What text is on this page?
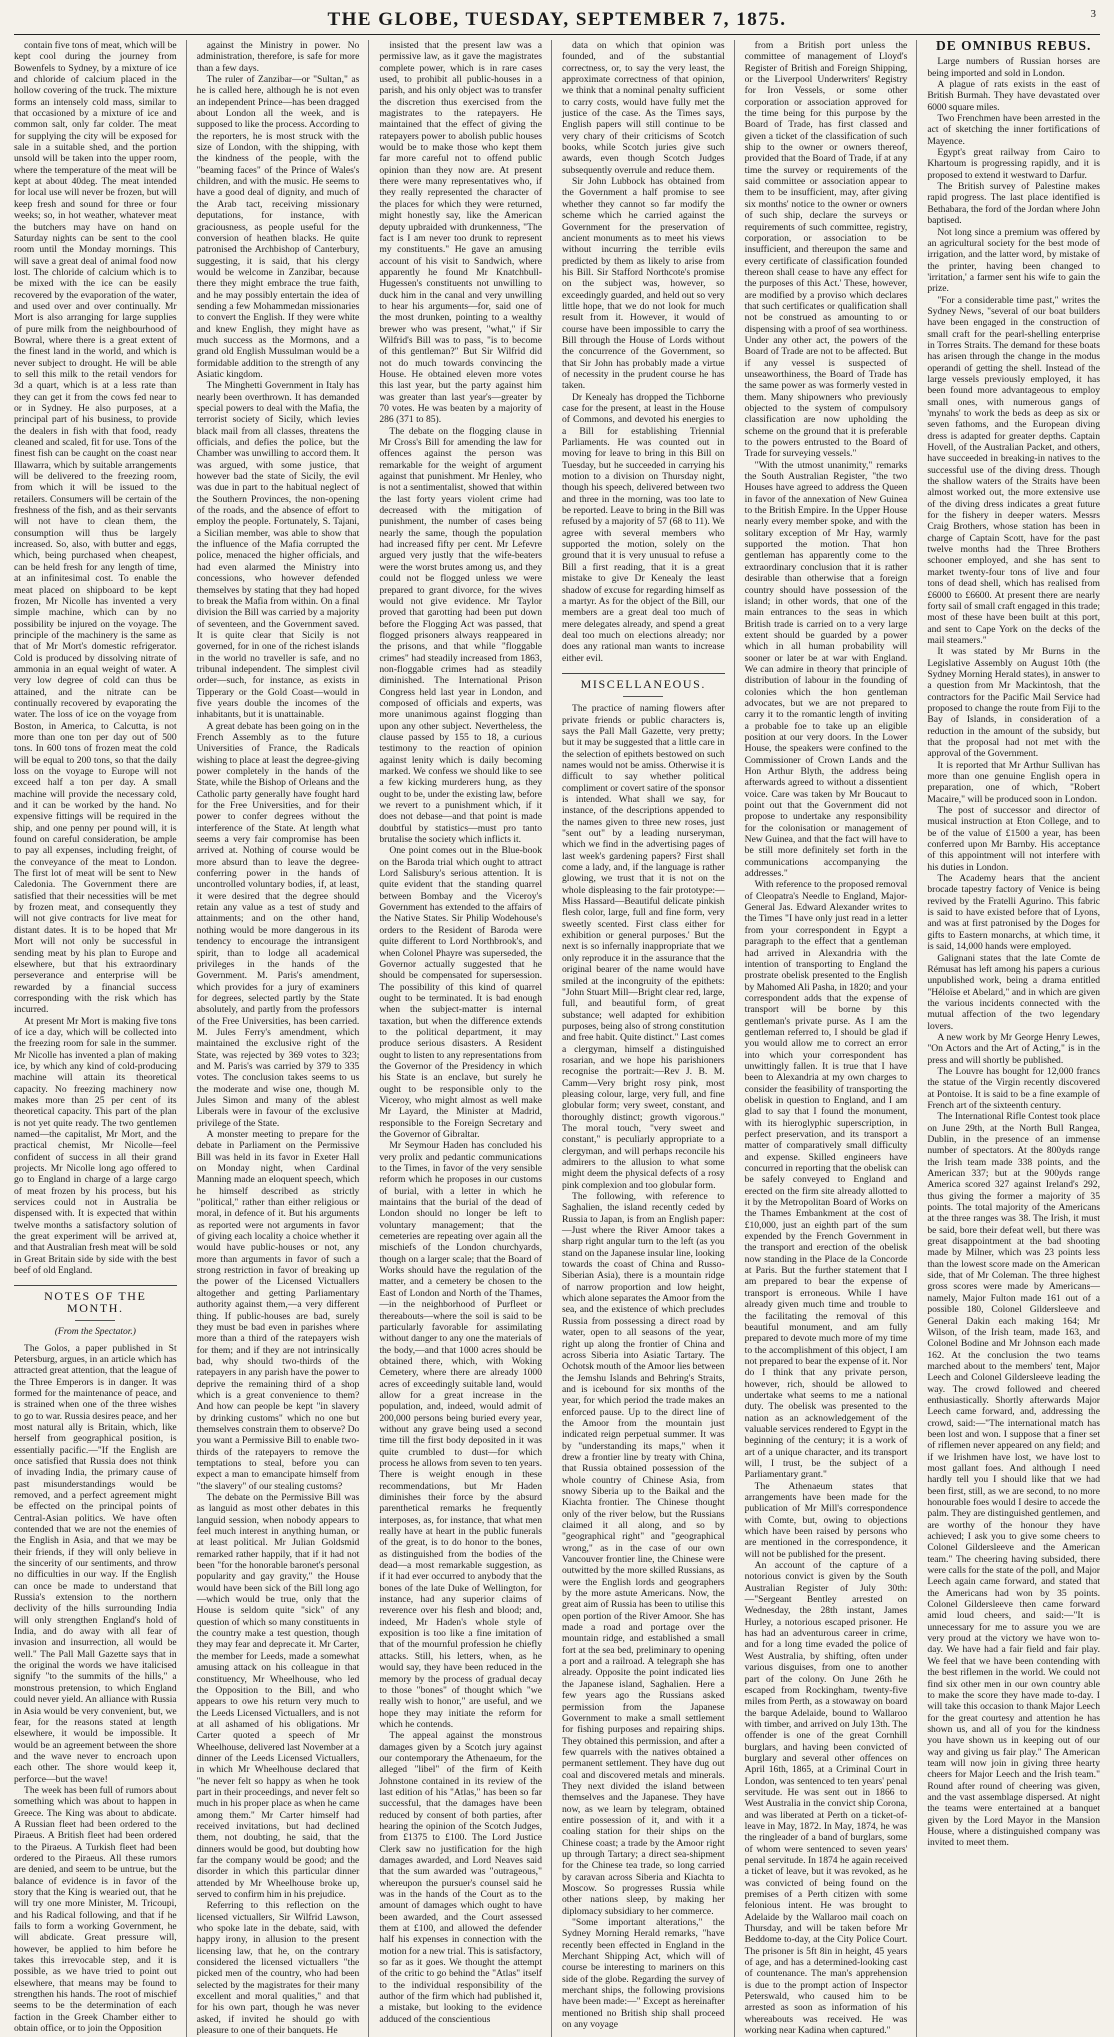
THE GLOBE, TUESDAY, SEPTEMBER 7, 1875.	3

contain five tons of meat, which will be kept cool during the journey from Bowenfels to Sydney, by a mixture of ice and chloride of calcium placed in the hollow covering of the truck. The mixture forms an intensely cold mass, similar to that occasioned by a mixture of ice and common salt, only far colder. The meat for supplying the city will be exposed for sale in a suitable shed, and the portion unsold will be taken into the upper room, where the temperature of the meat will be kept at about 40deg. The meat intended for local use will never be frozen, but will keep fresh and sound for three or four weeks; so, in hot weather, whatever meat the butchers may have on hand on Saturday nights can be sent to the cool room until the Monday mornings. This will save a great deal of animal food now lost. The chloride of calcium which is to be mixed with the ice can be easily recovered by the evaporation of the water, and used over and over continually. Mr Mort is also arranging for large supplies of pure milk from the neighbourhood of Bowral, where there is a great extent of the finest land in the world, and which is never subject to drought. He will be able to sell this milk to the retail vendors for 3d a quart, which is at a less rate than they can get it from the cows fed near to or in Sydney. He also purposes, at a principal part of his business, to provide the dealers in fish with that food, ready cleaned and scaled, fit for use. Tons of the finest fish can be caught on the coast near Illawarra, which by suitable arrangements will be delivered to the freezing room, from which it will be issued to the retailers. Consumers will be certain of the freshness of the fish, and as their servants will not have to clean them, the consumption will thus be largely increased. So, also, with butter and eggs, which, being purchased when cheapest, can be held fresh for any length of time, at an infinitesimal cost. To enable the meat placed on shipboard to be kept frozen, Mr Nicolle has invented a very simple machine, which can by no possibility be injured on the voyage. The principle of the machinery is the same as that of Mr Mort's domestic refrigerator. Cold is produced by dissolving nitrate of ammonia in an equal weight of water. A very low degree of cold can thus be attained, and the nitrate can be continually recovered by evaporating the water. The loss of ice on the voyage from Boston, in America, to Calcutta, is not more than one ton per day out of 500 tons. In 600 tons of frozen meat the cold will be equal to 200 tons, so that the daily loss on the voyage to Europe will not exceed half a ton per day. A small machine will provide the necessary cold, and it can be worked by the hand. No expensive fittings will be required in the ship, and one penny per pound will, it is found on careful consideration, be ample to pay all expenses, including freight, of the conveyance of the meat to London. The first lot of meat will be sent to New Caledonia. The Government there are satisfied that their necessities will be met by frozen meat, and consequently they will not give contracts for live meat for distant dates. It is to be hoped that Mr Mort will not only be successful in sending meat by his plan to Europe and elsewhere, but that his extraordinary perseverance and enterprise will be rewarded by a financial success corresponding with the risk which has incurred.

At present Mr Mort is making five tons of ice a day, which will be collected into the freezing room for sale in the summer. Mr Nicolle has invented a plan of making ice, by which any kind of cold-producing machine will attain its theoretical capacity. No freezing machinery now makes more than 25 per cent of its theoretical capacity. This part of the plan is not yet quite ready. The two gentlemen named—the capitalist, Mr Mort, and the practical chemist, Mr Nicolle—feel confident of success in all their grand projects. Mr Nicolle long ago offered to go to England in charge of a large cargo of meat frozen by his process, but his services could not in Australia be dispensed with. It is expected that within twelve months a satisfactory solution of the great experiment will be arrived at, and that Australian fresh meat will be sold in Great Britain side by side with the best beef of old England.

NOTES OF THE MONTH.
(From the Spectator.)

The Golos, a paper published in St Petersburg, argues, in an article which has attracted great attention, that the league of the Three Emperors is in danger. It was formed for the maintenance of peace, and is strained when one of the three wishes to go to war. Russia desires peace, and her most natural ally is Britain, which, like herself from geographical position, is essentially pacific.—"If the English are once satisfied that Russia does not think of invading India, the primary cause of past misunderstandings would be removed, and a perfect agreement might be effected on the principal points of Central-Asian politics. We have often contended that we are not the enemies of the English in Asia, and that we may be their friends, if they will only believe in the sincerity of our sentiments, and throw no difficulties in our way. If the English can once be made to understand that Russia's extension to the northern declivity of the hills surrounding India will only strengthen England's hold of India, and do away with all fear of invasion and insurrection, all would be well." The Pall Mall Gazette says that in the original the words we have italicised signify "to the summits of the hills," a monstrous pretension, to which England could never yield. An alliance with Russia in Asia would be very convenient, but, we fear, for the reasons stated at length elsewhere, it would be impossible. It would be an agreement between the shore and the wave never to encroach upon each other. The shore would keep it, perforce—but the wave!

The week has been full of rumors about something which was about to happen in Greece. The King was about to abdicate. A Russian fleet had been ordered to the Piraeus. A British fleet had been ordered to the Piraeus. A Turkish fleet had been ordered to the Piraeus. All these rumors are denied, and seem to be untrue, but the balance of evidence is in favor of the story that the King is wearied out, that he will try one more Minister, M. Tricoupi, and his Radical following, and that if he fails to form a working Government, he will abdicate. Great pressure will, however, be applied to him before he takes this irrevocable step, and it is possible, as we have tried to point out elsewhere, that means may be found to strengthen his hands. The root of mischief seems to be the determination of each faction in the Greek Chamber either to obtain office, or to join the Opposition

against the Ministry in power. No administration, therefore, is safe for more than a few days.

The ruler of Zanzibar—or "Sultan," as he is called here, although he is not even an independent Prince—has been dragged about London all the week, and is supposed to like the process. According to the reporters, he is most struck with the size of London, with the shipping, with the kindness of the people, with the "beaming faces" of the Prince of Wales's children, and with the music. He seems to have a good deal of dignity, and much of the Arab tact, receiving missionary deputations, for instance, with graciousness, as people useful for the conversion of heathen blacks. He quite patronised the Archbishop of Canterbury, suggesting, it is said, that his clergy would be welcome in Zanzibar, because there they might embrace the true faith, and he may possibly entertain the idea of sending a few Mohammedan missionaries to convert the English. If they were white and knew English, they might have as much success as the Mormons, and a grand old English Mussulman would be a formidable addition to the strength of any Asiatic kingdom.

The Minghetti Government in Italy has nearly been overthrown. It has demanded special powers to deal with the Mafia, the terrorist society of Sicily, which levies black mail from all classes, threatens the officials, and defies the police, but the Chamber was unwilling to accord them. It was argued, with some justice, that however bad the state of Sicily, the evil was due in part to the habitual neglect of the Southern Provinces, the non-opening of the roads, and the absence of effort to employ the people. Fortunately, S. Tajani, a Sicilian member, was able to show that the influence of the Mafia corrupted the police, menaced the higher officials, and had even alarmed the Ministry into concessions, who however defended themselves by stating that they had hoped to break the Mafia from within. On a final division the Bill was carried by a majority of seventeen, and the Government saved. It is quite clear that Sicily is not governed, for in one of the richest islands in the world no traveller is safe, and no tribunal independent. The simplest civil order—such, for instance, as exists in Tipperary or the Gold Coast—would in five years double the incomes of the inhabitants, but it is unattainable.

A great debate has been going on in the French Assembly as to the future Universities of France, the Radicals wishing to place at least the degree-giving power completely in the hands of the State, while the Bishop of Orleans and the Catholic party generally have fought hard for the Free Universities, and for their power to confer degrees without the interference of the State. At length what seems a very fair compromise has been arrived at. Nothing of course would be more absurd than to leave the degree-conferring power in the hands of uncontrolled voluntary bodies, if, at least, it were desired that the degree should retain any value as a test of study and attainments; and on the other hand, nothing would be more dangerous in its tendency to encourage the intransigent spirit, than to lodge all academical privileges in the hands of the Government. M. Paris's amendment, which provides for a jury of examiners for degrees, selected partly by the State absolutely, and partly from the professors of the Free Universities, has been carried. M. Jules Ferry's amendment, which maintained the exclusive right of the State, was rejected by 369 votes to 323; and M. Paris's was carried by 379 to 335 votes. The conclusion takes seems to us the moderate and wise one, though M. Jules Simon and many of the ablest Liberals were in favour of the exclusive privilege of the State.

A monster meeting to prepare for the debate in Parliament on the Permissive Bill was held in its favor in Exeter Hall on Monday night, when Cardinal Manning made an eloquent speech, which he himself described as strictly "political," rather than either religious or moral, in defence of it. But his arguments as reported were not arguments in favor of giving each locality a choice whether it would have public-houses or not, any more than arguments in favor of such a strong restriction in favor of breaking up the power of the Licensed Victuallers altogether and getting Parliamentary authority against them,—a very different thing. If public-houses are bad, surely they must be bad even in parishes where more than a third of the ratepayers wish for them; and if they are not intrinsically bad, why should two-thirds of the ratepayers in any parish have the power to deprive the remaining third of a shop which is a great convenience to them? And how can people be kept "in slavery by drinking customs" which no one but themselves constrain them to observe? Do you want a Permissive Bill to enable two-thirds of the ratepayers to remove the temptations to steal, before you can expect a man to emancipate himself from "the slavery" of our stealing customs?

The debate on the Permissive Bill was as languid as most other debates in this languid session, when nobody appears to feel much interest in anything human, or at least political. Mr Julian Goldsmid remarked rather happily, that if it had not been "for the honorable baronet's personal popularity and gay gravity," the House would have been sick of the Bill long ago—which would be true, only that the House is seldom quite "sick" of any question of which so many constituents in the country make a test question, though they may fear and deprecate it. Mr Carter, the member for Leeds, made a somewhat amusing attack on his colleague in that constituency, Mr Wheelhouse, who led the Opposition to the Bill, and who appears to owe his return very much to the Leeds Licensed Victuallers, and is not at all ashamed of his obligations. Mr Carter quoted a speech of Mr Wheelhouse, delivered last November at a dinner of the Leeds Licensed Victuallers, in which Mr Wheelhouse declared that "he never felt so happy as when he took part in their proceedings, and never felt so much in his proper place as when he came among them." Mr Carter himself had received invitations, but had declined them, not doubting, he said, that the dinners would be good, but doubting how far the company would be good; and the disorder in which this particular dinner attended by Mr Wheelhouse broke up, served to confirm him in his prejudice.

Referring to this reflection on the licensed victuallers, Sir Wilfrid Lawson, who spoke late in the debate, said, with happy irony, in allusion to the present licensing law, that he, on the contrary considered the licensed victuallers "the picked men of the country, who had been selected by the magistrates for their many excellent and moral qualities," and that for his own part, though he was never asked, if invited he should go with pleasure to one of their banquets. He

insisted that the present law was a permissive law, as it gave the magistrates complete power, which is in rare cases used, to prohibit all public-houses in a parish, and his only object was to transfer the discretion thus exercised from the magistrates to the ratepayers. He maintained that the effect of giving the ratepayers power to abolish public houses would be to make those who kept them far more careful not to offend public opinion than they now are. At present there were many representatives who, if they really represented the character of the places for which they were returned, might honestly say, like the American deputy upbraided with drunkenness, "The fact is I am never too drunk to represent my constituents." He gave an amusing account of his visit to Sandwich, where apparently he found Mr Knatchbull-Hugessen's constituents not unwilling to duck him in the canal and very unwilling to hear his arguments—for, said one of the most drunken, pointing to a wealthy brewer who was present, "what," if Sir Wilfrid's Bill was to pass, "is to become of this gentleman?" But Sir Wilfrid did not do much towards convincing the House. He obtained eleven more votes this last year, but the party against him was greater than last year's—greater by 70 votes. He was beaten by a majority of 286 (371 to 85).

The debate on the flogging clause in Mr Cross's Bill for amending the law for offences against the person was remarkable for the weight of argument against that punishment. Mr Henley, who is not a sentimentalist, showed that within the last forty years violent crime had decreased with the mitigation of punishment, the number of cases being nearly the same, though the population had increased fifty per cent. Mr Lefevre argued very justly that the wife-beaters were the worst brutes among us, and they could not be flogged unless we were prepared to grant divorce, for the wives would not give evidence. Mr Taylor proved that garotting had been put down before the Flogging Act was passed, that flogged prisoners always reappeared in the prisons, and that while "floggable crimes" had steadily increased from 1863, non-floggable crimes had as steadily diminished. The International Prison Congress held last year in London, and composed of officials and experts, was more unanimous against flogging than upon any other subject. Nevertheless, the clause passed by 155 to 18, a curious testimony to the reaction of opinion against lenity which is daily becoming marked. We confess we should like to see a few kicking murderers hung, as they ought to be, under the existing law, before we revert to a punishment which, if it does not debase—and that point is made doubtful by statistics—must pro tanto brutalise the society which inflicts it.

One point comes out in the Blue-book on the Baroda trial which ought to attract Lord Salisbury's serious attention. It is quite evident that the standing quarrel between Bombay and the Viceroy's Government has extended to the affairs of the Native States. Sir Philip Wodehouse's orders to the Resident of Baroda were quite different to Lord Northbrook's, and when Colonel Phayre was superseded, the Governor actually suggested that he should be compensated for supersession. The possibility of this kind of quarrel ought to be terminated. It is bad enough when the subject-matter is internal taxation, but when the difference extends to the political department, it may produce serious disasters. A Resident ought to listen to any representations from the Governor of the Presidency in which his State is an enclave, but surely he ought to be responsible only to the Viceroy, who might almost as well make Mr Layard, the Minister at Madrid, responsible to the Foreign Secretary and the Governor of Gibraltar.

Mr Seymour Haden has concluded his very prolix and pedantic communications to the Times, in favor of the very sensible reform which he proposes in our customs of burial, with a letter in which he maintains that the burial of the dead of London should no longer be left to voluntary management; that the cemeteries are repeating over again all the mischiefs of the London churchyards, though on a larger scale; that the Board of Works should have the regulation of the matter, and a cemetery be chosen to the East of London and North of the Thames,—in the neighborhood of Purfleet or thereabouts—where the soil is said to be particularly favorable for assimilating without danger to any one the materials of the body,—and that 1000 acres should be obtained there, which, with Woking Cemetery, where there are already 1000 acres of exceedingly suitable land, would allow for a great increase in the population, and, indeed, would admit of 200,000 persons being buried every year, without any grave being used a second time till the first body deposited in it was quite crumbled to dust—for which process he allows from seven to ten years. There is weight enough in these recommendations, but Mr Haden diminishes their force by the absurd parenthetical remarks he frequently interposes, as, for instance, that what men really have at heart in the public funerals of the great, is to do honor to the bones, as distinguished from the bodies of the dead—a most remarkable suggestion, as if it had ever occurred to anybody that the bones of the late Duke of Wellington, for instance, had any superior claims of reverence over his flesh and blood; and, indeed, Mr Haden's whole style of exposition is too like a fine imitation of that of the mournful profession he chiefly attacks. Still, his letters, when, as he would say, they have been reduced in the memory by the process of gradual decay to those "bones" of thought which "we really wish to honor," are useful, and we hope they may initiate the reform for which he contends.

The appeal against the monstrous damages given by a Scotch jury against our contemporary the Athenaeum, for the alleged "libel" of the firm of Keith Johnstone contained in its review of the last edition of his "Atlas," has been so far successful, that the damages have been reduced by consent of both parties, after hearing the opinion of the Scotch Judges, from £1375 to £100. The Lord Justice Clerk saw no justification for the high damages awarded, and Lord Neaves said that the sum awarded was "outrageous," whereupon the pursuer's counsel said he was in the hands of the Court as to the amount of damages which ought to have been awarded, and the Court assessed them at £100, and allowed the defender half his expenses in connection with the motion for a new trial. This is satisfactory, so far as it goes. We thought the attempt of the critic to go behind the "Atlas" itself to the individual responsibility of the author of the firm which had published it, a mistake, but looking to the evidence adduced of the conscientious

data on which that opinion was founded, and of the substantial correctness, or, to say the very least, the approximate correctness of that opinion, we think that a nominal penalty sufficient to carry costs, would have fully met the justice of the case. As the Times says, English papers will still continue to be very chary of their criticisms of Scotch books, while Scotch juries give such awards, even though Scotch Judges subsequently overrule and reduce them.

Sir John Lubbock has obtained from the Government a half promise to see whether they cannot so far modify the scheme which he carried against the Government for the preservation of ancient monuments as to meet his views without incurring the terrible evils predicted by them as likely to arise from his Bill. Sir Stafford Northcote's promise on the subject was, however, so exceedingly guarded, and held out so very little hope, that we do not look for much result from it. However, it would of course have been impossible to carry the Bill through the House of Lords without the concurrence of the Government, so that Sir John has probably made a virtue of necessity in the prudent course he has taken.

Dr Kenealy has dropped the Tichborne case for the present, at least in the House of Commons, and devoted his energies to a Bill for establishing Triennial Parliaments. He was counted out in moving for leave to bring in this Bill on Tuesday, but he succeeded in carrying his motion to a division on Thursday night, though his speech, delivered between two and three in the morning, was too late to be reported. Leave to bring in the Bill was refused by a majority of 57 (68 to 11). We agree with several members who supported the motion, solely on the ground that it is very unusual to refuse a Bill a first reading, that it is a great mistake to give Dr Kenealy the least shadow of excuse for regarding himself as a martyr. As for the object of the Bill, our members are a great deal too much of mere delegates already, and spend a great deal too much on elections already; nor does any rational man wants to increase either evil.

MISCELLANEOUS.

The practice of naming flowers after private friends or public characters is, says the Pall Mall Gazette, very pretty; but it may be suggested that a little care in the selection of epithets bestowed on such names would not be amiss. Otherwise it is difficult to say whether political compliment or covert satire of the sponsor is intended. What shall we say, for instance, of the descriptions appended to the names given to three new roses, just "sent out" by a leading nurseryman, which we find in the advertising pages of last week's gardening papers? First shall come a lady, and, if the language is rather glowing, we trust that it is not on the whole displeasing to the fair prototype:—Miss Hassard—Beautiful delicate pinkish flesh color, large, full and fine form, very sweetly scented. First class either for exhibition or general purposes.' But the next is so infernally inappropriate that we only reproduce it in the assurance that the original bearer of the name would have smiled at the incongruity of the epithets: "John Stuart Mill—Bright clear red, large, full, and beautiful form, of great substance; well adapted for exhibition purposes, being also of strong constitution and free habit. Quite distinct." Last comes a clergyman, himself a distinguished rosarian, and we hope his parishioners recognise the portrait:—Rev J. B. M. Camm—Very bright rosy pink, most pleasing colour, large, very full, and fine globular form; very sweet, constant, and thoroughly distinct; growth vigorous." The moral touch, "very sweet and constant," is peculiarly appropriate to a clergyman, and will perhaps reconcile his admirers to the allusion to what some might deem the physical defects of a rosy pink complexion and too globular form.

The following, with reference to Saghalien, the island recently ceded by Russia to Japan, is from an English paper:—Just where the River Amoor takes a sharp right angular turn to the left (as you stand on the Japanese insular line, looking towards the coast of China and Russo-Siberian Asia), there is a mountain ridge of narrow proportion and low height, which alone separates the Amoor from the sea, and the existence of which precludes Russia from possessing a direct road by water, open to all seasons of the year, right up along the frontier of China and across Siberia into Asiatic Tartary. The Ochotsk mouth of the Amoor lies between the Jemshu Islands and Behring's Straits, and is icebound for six months of the year, for which period the trade makes an enforced pause. Up to the direct line of the Amoor from the mountain just indicated reign perpetual summer. It was by "understanding its maps," when it drew a frontier line by treaty with China, that Russia obtained possession of the whole country of Chinese Asia, from snowy Siberia up to the Baikal and the Kiachta frontier. The Chinese thought only of the river below, but the Russians claimed it all along, and so by "geographical right" and "geographical wrong," as in the case of our own Vancouver frontier line, the Chinese were outwitted by the more skilled Russians, as were the English lords and geographers by the more astute Americans. Now, the great aim of Russia has been to utilise this open portion of the River Amoor. She has made a road and portage over the mountain ridge, and established a small fort at the sea bed, preliminary to opening a port and a railroad. A telegraph she has already. Opposite the point indicated lies the Japanese island, Saghalien. Here a few years ago the Russians asked permission from the Japanese Government to make a small settlement for fishing purposes and repairing ships. They obtained this permission, and after a few quarrels with the natives obtained a permanent settlement. They have dug out coal and discovered metals and minerals. They next divided the island between themselves and the Japanese. They have now, as we learn by telegram, obtained entire possession of it, and with it a coaling station for their ships on the Chinese coast; a trade by the Amoor right up through Tartary; a direct sea-shipment for the Chinese tea trade, so long carried by caravan across Siberia and Kiachta to Moscow. So progresses Russia while other nations sleep, by making her diplomacy subsidiary to her commerce.

"Some important alterations," the Sydney Morning Herald remarks, "have recently been effected in England in the Merchant Shipping Act, which will of course be interesting to mariners on this side of the globe. Regarding the survey of merchant ships, the following provisions have been made:—" Except as hereinafter mentioned no British ship shall proceed on any voyage

from a British port unless the committee of management of Lloyd's Register of British and Foreign Shipping, or the Liverpool Underwriters' Registry for Iron Vessels, or some other corporation or association approved for the time being for this purpose by the Board of Trade, has first classed and given a ticket of the classification of such ship to the owner or owners thereof, provided that the Board of Trade, if at any time the survey or requirements of the said committee or association appear to them to be insufficient, may, after giving six months' notice to the owner or owners of such ship, declare the surveys or requirements of such committee, registry, corporation, or association to be insufficient, and thereupon the same and every certificate of classification founded thereon shall cease to have any effect for the purposes of this Act.' These, however, are modified by a proviso which declares that such certificates or qualification shall not be construed as amounting to or dispensing with a proof of sea worthiness. Under any other act, the powers of the Board of Trade are not to be affected. But if any vessel is suspected of unseaworthiness, the Board of Trade has the same power as was formerly vested in them. Many shipowners who previously objected to the system of compulsory classification are now upholding the scheme on the ground that it is preferable to the powers entrusted to the Board of Trade for surveying vessels."

"With the utmost unanimity," remarks the South Australian Register, "the two Houses have agreed to address the Queen in favor of the annexation of New Guinea to the British Empire. In the Upper House nearly every member spoke, and with the solitary exception of Mr Hay, warmly supported the motion. That hon gentleman has apparently come to the extraordinary conclusion that it is rather desirable than otherwise that a foreign country should have possession of the island; in other words, that one of the main entrances to the seas in which British trade is carried on to a very large extent should be guarded by a power which in all human probability will sooner or later be at war with England. We can admire in theory that principle of distribution of labour in the founding of colonies which the hon gentleman advocates, but we are not prepared to carry it to the romantic length of inviting a probable foe to take up an eligible position at our very doors. In the Lower House, the speakers were confined to the Commissioner of Crown Lands and the Hon Arthur Blyth, the address being afterwards agreed to without a dissentient voice. Care was taken by Mr Boucaut to point out that the Government did not propose to undertake any responsibility for the colonisation or management of New Guinea, and that the fact will have to be still more definitely set forth in the communications accompanying the addresses."

With reference to the proposed removal of Cleopatra's Needle to England, Major-General Jas. Edward Alexander writes to the Times "I have only just read in a letter from your correspondent in Egypt a paragraph to the effect that a gentleman had arrived in Alexandria with the intention of transporting to England the prostrate obelisk presented to the English by Mahomed Ali Pasha, in 1820; and your correspondent adds that the expense of transport will be borne by this gentleman's private purse. As I am the gentleman referred to, I should be glad if you would allow me to correct an error into which your correspondent has unwittingly fallen. It is true that I have been to Alexandria at my own charges to consider the feasibility of transporting the obelisk in question to England, and I am glad to say that I found the monument, with its hieroglyphic superscription, in perfect preservation, and its transport a matter of comparatively small difficulty and expense. Skilled engineers have concurred in reporting that the obelisk can be safely conveyed to England and erected on the firm site already allotted to it by the Metropolitan Board of Works on the Thames Embankment at the cost of £10,000, just an eighth part of the sum expended by the French Government in the transport and erection of the obelisk now standing in the Place de la Concorde at Paris. But the further statement that I am prepared to bear the expense of transport is erroneous. While I have already given much time and trouble to the facilitating the removal of this beautiful monument, and am fully prepared to devote much more of my time to the accomplishment of this object, I am not prepared to bear the expense of it. Nor do I think that any private person, however, rich, should be allowed to undertake what seems to me a national duty. The obelisk was presented to the nation as an acknowledgement of the valuable services rendered to Egypt in the beginning of the century; it is a work of art of a unique character, and its transport will, I trust, be the subject of a Parliamentary grant."

The Athenaeum states that arrangements have been made for the publication of Mr Mill's correspondence with Comte, but, owing to objections which have been raised by persons who are mentioned in the correspondence, it will not be published for the present.

An account of the capture of a notorious convict is given by the South Australian Register of July 30th:—"Sergeant Bentley arrested on Wednesday, the 28th instant, James Hurley, a notorious escaped prisoner. He has had an adventurous career in crime, and for a long time evaded the police of West Australia, by shifting, often under various disguises, from one to another part of the colony. On June 26th he escaped from Rockingham, twenty-five miles from Perth, as a stowaway on board the barque Adelaide, bound to Wallaroo with timber, and arrived on July 13th. The offender is one of the great Cornhill burglars, and having been convicted of burglary and several other offences on April 16th, 1865, at a Criminal Court in London, was sentenced to ten years' penal servitude. He was sent out in 1866 to West Australia in the convict ship Corona, and was liberated at Perth on a ticket-of-leave in May, 1872. In May, 1874, he was the ringleader of a band of burglars, some of whom were sentenced to seven years' penal servitude. In 1874 he again received a ticket of leave, but it was revoked, as he was convicted of being found on the premises of a Perth citizen with some felonious intent. He was brought to Adelaide by the Wallaroo mail coach on Thursday, and will be taken before Mr Beddome to-day, at the City Police Court. The prisoner is 5ft 8in in height, 45 years of age, and has a determined-looking cast of countenance. The man's apprehension is due to the prompt action of Inspector Peterswald, who caused him to be arrested as soon as information of his whereabouts was received. He was working near Kadina when captured."

DE OMNIBUS REBUS.

Large numbers of Russian horses are being imported and sold in London.

A plague of rats exists in the east of British Burmah. They have devastated over 6000 square miles.

Two Frenchmen have been arrested in the act of sketching the inner fortifications of Mayence.

Egypt's great railway from Cairo to Khartoum is progressing rapidly, and it is proposed to extend it westward to Darfur.

The British survey of Palestine makes rapid progress. The last place identified is Bethabara, the ford of the Jordan where John baptised.

Not long since a premium was offered by an agricultural society for the best mode of irrigation, and the latter word, by mistake of the printer, having been changed to 'irritation,' a farmer sent his wife to gain the prize.

"For a considerable time past," writes the Sydney News, "several of our boat builders have been engaged in the construction of small craft for the pearl-shelling enterprise in Torres Straits. The demand for these boats has arisen through the change in the modus operandi of getting the shell. Instead of the large vessels previously employed, it has been found more advantageous to employ small ones, with numerous gangs of 'mynahs' to work the beds as deep as six or seven fathoms, and the European diving dress is adapted for greater depths. Captain Hovell, of the Australian Packet, and others, have succeeded in breaking-in natives to the successful use of the diving dress. Though the shallow waters of the Straits have been almost worked out, the more extensive use of the diving dress indicates a great future for the fishery in deeper waters. Messrs Craig Brothers, whose station has been in charge of Captain Scott, have for the past twelve months had the Three Brothers schooner employed, and she has sent to market twenty-four tons of live and four tons of dead shell, which has realised from £6000 to £6600. At present there are nearly forty sail of small craft engaged in this trade; most of these have been built at this port, and sent to Cape York on the decks of the mail steamers."

It was stated by Mr Burns in the Legislative Assembly on August 10th (the Sydney Morning Herald states), in answer to a question from Mr Mackintosh, that the contractors for the Pacific Mail Service had proposed to change the route from Fiji to the Bay of Islands, in consideration of a reduction in the amount of the subsidy, but that the proposal had not met with the approval of the Government.

It is reported that Mr Arthur Sullivan has more than one genuine English opera in preparation, one of which, "Robert Macaire," will be produced soon in London.

The post of successor and director of musical instruction at Eton College, and to be of the value of £1500 a year, has been conferred upon Mr Barnby. His acceptance of this appointment will not interfere with his duties in London.

The Academy hears that the ancient brocade tapestry factory of Venice is being revived by the Fratelli Agurino. This fabric is said to have existed before that of Lyons, and was at first patronised by the Doges for gifts to Eastern monarchs, at which time, it is said, 14,000 hands were employed.

Galignani states that the late Comte de Rémusat has left among his papers a curious unpublished work, being a drama entitled "Héloïse et Abelard," and in which are given the various incidents connected with the mutual affection of the two legendary lovers.

A new work by Mr George Henry Lewes, "On Actors and the Art of Acting," is in the press and will shortly be published.

The Louvre has bought for 12,000 francs the statue of the Virgin recently discovered at Pontoise. It is said to be a fine example of French art of the sixteenth century.

The International Rifle Contest took place on June 29th, at the North Bull Rangea, Dublin, in the presence of an immense number of spectators. At the 800yds range the Irish team made 338 points, and the American 337; but at the 900yds range America scored 327 against Ireland's 292, thus giving the former a majority of 35 points. The total majority of the Americans at the three ranges was 38. The Irish, it must be said, bore their defeat well, but there was great disappointment at the bad shooting made by Milner, which was 23 points less than the lowest score made on the American side, that of Mr Coleman. The three highest gross scores were made by Americans—namely, Major Fulton made 161 out of a possible 180, Colonel Gildersleeve and General Dakin each making 164; Mr Wilson, of the Irish team, made 163, and Colonel Bodine and Mr Johnson each made 162. At the conclusion the two teams marched about to the members' tent, Major Leech and Colonel Gildersleeve leading the way. The crowd followed and cheered enthusiastically. Shortly afterwards Major Leech came forward, and, addressing the crowd, said:—"The international match has been lost and won. I suppose that a finer set of riflemen never appeared on any field; and if we Irishmen have lost, we have lost to most gallant foes. And although I need hardly tell you I should like that we had been first, still, as we are second, to no more honourable foes would I desire to accede the palm. They are distinguished gentlemen, and are worthy of the honour they have achieved; I ask you to give some cheers to Colonel Gildersleeve and the American team." The cheering having subsided, there were calls for the state of the poll, and Major Leech again came forward, and stated that the Americans had won by 35 points. Colonel Gildersleeve then came forward amid loud cheers, and said:—"It is unnecessary for me to assure you we are very proud at the victory we have won to-day. We have had a fair field and fair play. We feel that we have been contending with the best riflemen in the world. We could not find six other men in our own country able to make the score they have made to-day. I will take this occasion to thank Major Leech for the great courtesy and attention he has shown us, and all of you for the kindness you have shown us in keeping out of our way and giving us fair play." The American team will now join in giving three hearty cheers for Major Leech and the Irish team." Round after round of cheering was given, and the vast assemblage dispersed. At night the teams were entertained at a banquet given by the Lord Mayor in the Mansion House, where a distinguished company was invited to meet them.
